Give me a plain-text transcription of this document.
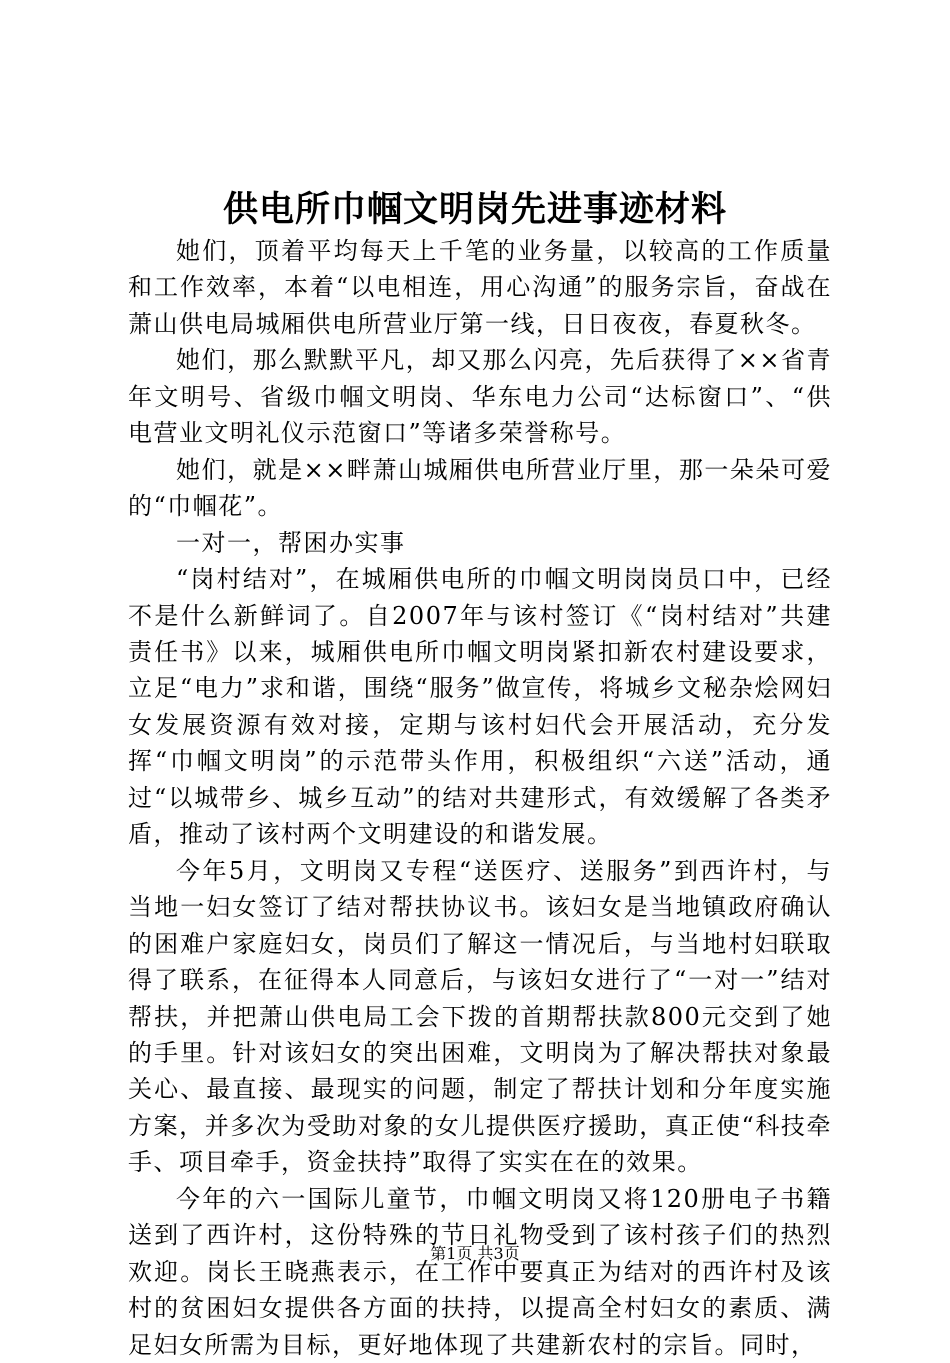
供电所巾帼文明岗先进事迹材料

她们，顶着平均每天上千笔的业务量，以较高的工作质量和工作效率，本着“以电相连，用心沟通”的服务宗旨，奋战在萧山供电局城厢供电所营业厅第一线，日日夜夜，春夏秋冬。

她们，那么默默平凡，却又那么闪亮，先后获得了××省青年文明号、省级巾帼文明岗、华东电力公司“达标窗口”、“供电营业文明礼仪示范窗口”等诸多荣誉称号。

她们，就是××畔萧山城厢供电所营业厅里，那一朵朵可爱的“巾帼花”。

一对一，帮困办实事

“岗村结对”，在城厢供电所的巾帼文明岗岗员口中，已经不是什么新鲜词了。自2007年与该村签订《“岗村结对”共建责任书》以来，城厢供电所巾帼文明岗紧扣新农村建设要求，立足“电力”求和谐，围绕“服务”做宣传，将城乡文秘杂烩网妇女发展资源有效对接，定期与该村妇代会开展活动，充分发挥“巾帼文明岗”的示范带头作用，积极组织“六送”活动，通过“以城带乡、城乡互动”的结对共建形式，有效缓解了各类矛盾，推动了该村两个文明建设的和谐发展。

今年5月，文明岗又专程“送医疗、送服务”到西许村，与当地一妇女签订了结对帮扶协议书。该妇女是当地镇政府确认的困难户家庭妇女，岗员们了解这一情况后，与当地村妇联取得了联系，在征得本人同意后，与该妇女进行了“一对一”结对帮扶，并把萧山供电局工会下拨的首期帮扶款800元交到了她的手里。针对该妇女的突出困难，文明岗为了解决帮扶对象最关心、最直接、最现实的问题，制定了帮扶计划和分年度实施方案，并多次为受助对象的女儿提供医疗援助，真正使“科技牵手、项目牵手，资金扶持”取得了实实在在的效果。

今年的六一国际儿童节，巾帼文明岗又将120册电子书籍送到了西许村，这份特殊的节日礼物受到了该村孩子们的热烈欢迎。岗长王晓燕表示，在工作中要真正为结对的西许村及该村的贫困妇女提供各方面的扶持，以提高全村妇女的素质、满足妇女所需为目标，更好地体现了共建新农村的宗旨。同时，

第1页 共3页
